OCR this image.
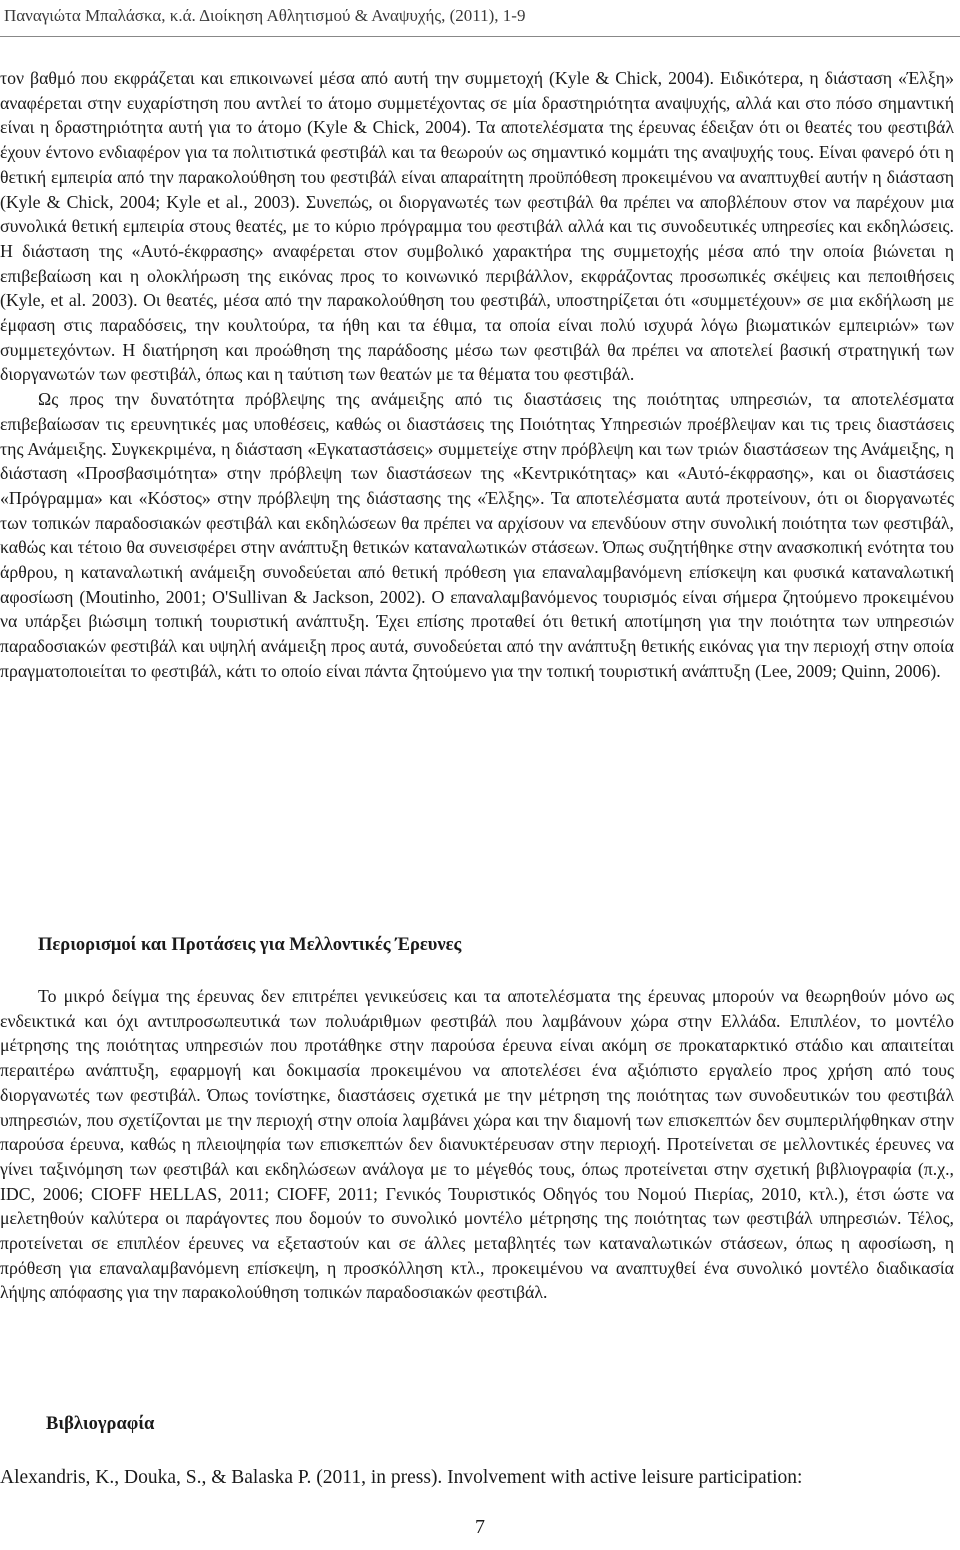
Παναγιώτα Μπαλάσκα, κ.ά. Διοίκηση Αθλητισμού & Αναψυχής, (2011), 1-9

τον βαθμό που εκφράζεται και επικοινωνεί μέσα από αυτή την συμμετοχή (Kyle & Chick, 2004). Ειδικότερα, η διάσταση «Έλξη» αναφέρεται στην ευχαρίστηση που αντλεί το άτομο συμμετέχοντας σε μία δραστηριότητα αναψυχής, αλλά και στο πόσο σημαντική είναι η δραστηριότητα αυτή για το άτομο (Kyle & Chick, 2004). Τα αποτελέσματα της έρευνας έδειξαν ότι οι θεατές του φεστιβάλ έχουν έντονο ενδιαφέρον για τα πολιτιστικά φεστιβάλ και τα θεωρούν ως σημαντικό κομμάτι της αναψυχής τους. Είναι φανερό ότι η θετική εμπειρία από την παρακολούθηση του φεστιβάλ είναι απαραίτητη προϋπόθεση προκειμένου να αναπτυχθεί αυτήν η διάσταση (Kyle & Chick, 2004; Kyle et al., 2003). Συνεπώς, οι διοργανωτές των φεστιβάλ θα πρέπει να αποβλέπουν στον να παρέχουν μια συνολικά θετική εμπειρία στους θεατές, με το κύριο πρόγραμμα του φεστιβάλ αλλά και τις συνοδευτικές υπηρεσίες και εκδηλώσεις. Η διάσταση της «Αυτό-έκφρασης» αναφέρεται στον συμβολικό χαρακτήρα της συμμετοχής μέσα από την οποία βιώνεται η επιβεβαίωση και η ολοκλήρωση της εικόνας προς το κοινωνικό περιβάλλον, εκφράζοντας προσωπικές σκέψεις και πεποιθήσεις (Kyle, et al. 2003). Οι θεατές, μέσα από την παρακολούθηση του φεστιβάλ, υποστηρίζεται ότι «συμμετέχουν» σε μια εκδήλωση με έμφαση στις παραδόσεις, την κουλτούρα, τα ήθη και τα έθιμα, τα οποία είναι πολύ ισχυρά λόγω βιωματικών εμπειριών» των συμμετεχόντων. Η διατήρηση και προώθηση της παράδοσης μέσω των φεστιβάλ θα πρέπει να αποτελεί βασική στρατηγική των διοργανωτών των φεστιβάλ, όπως και η ταύτιση των θεατών με τα θέματα του φεστιβάλ.

Ως προς την δυνατότητα πρόβλεψης της ανάμειξης από τις διαστάσεις της ποιότητας υπηρεσιών, τα αποτελέσματα επιβεβαίωσαν τις ερευνητικές μας υποθέσεις, καθώς οι διαστάσεις της Ποιότητας Υπηρεσιών προέβλεψαν και τις τρεις διαστάσεις της Ανάμειξης. Συγκεκριμένα, η διάσταση «Εγκαταστάσεις» συμμετείχε στην πρόβλεψη και των τριών διαστάσεων της Ανάμειξης, η διάσταση «Προσβασιμότητα» στην πρόβλεψη των διαστάσεων της «Κεντρικότητας» και «Αυτό-έκφρασης», και οι διαστάσεις «Πρόγραμμα» και «Κόστος» στην πρόβλεψη της διάστασης της «Έλξης». Τα αποτελέσματα αυτά προτείνουν, ότι οι διοργανωτές των τοπικών παραδοσιακών φεστιβάλ και εκδηλώσεων θα πρέπει να αρχίσουν να επενδύουν στην συνολική ποιότητα των φεστιβάλ, καθώς και τέτοιο θα συνεισφέρει στην ανάπτυξη θετικών καταναλωτικών στάσεων. Όπως συζητήθηκε στην ανασκοπική ενότητα του άρθρου, η καταναλωτική ανάμειξη συνοδεύεται από θετική πρόθεση για επαναλαμβανόμενη επίσκεψη και φυσικά καταναλωτική αφοσίωση (Moutinho, 2001; O'Sullivan & Jackson, 2002). Ο επαναλαμβανόμενος τουρισμός είναι σήμερα ζητούμενο προκειμένου να υπάρξει βιώσιμη τοπική τουριστική ανάπτυξη. Έχει επίσης προταθεί ότι θετική αποτίμηση για την ποιότητα των υπηρεσιών παραδοσιακών φεστιβάλ και υψηλή ανάμειξη προς αυτά, συνοδεύεται από την ανάπτυξη θετικής εικόνας για την περιοχή στην οποία πραγματοποιείται το φεστιβάλ, κάτι το οποίο είναι πάντα ζητούμενο για την τοπική τουριστική ανάπτυξη (Lee, 2009; Quinn, 2006).

Περιορισμοί και Προτάσεις για Μελλοντικές Έρευνες

Το μικρό δείγμα της έρευνας δεν επιτρέπει γενικεύσεις και τα αποτελέσματα της έρευνας μπορούν να θεωρηθούν μόνο ως ενδεικτικά και όχι αντιπροσωπευτικά των πολυάριθμων φεστιβάλ που λαμβάνουν χώρα στην Ελλάδα. Επιπλέον, το μοντέλο μέτρησης της ποιότητας υπηρεσιών που προτάθηκε στην παρούσα έρευνα είναι ακόμη σε προκαταρκτικό στάδιο και απαιτείται περαιτέρω ανάπτυξη, εφαρμογή και δοκιμασία προκειμένου να αποτελέσει ένα αξιόπιστο εργαλείο προς χρήση από τους διοργανωτές των φεστιβάλ. Όπως τονίστηκε, διαστάσεις σχετικά με την μέτρηση της ποιότητας των συνοδευτικών του φεστιβάλ υπηρεσιών, που σχετίζονται με την περιοχή στην οποία λαμβάνει χώρα και την διαμονή των επισκεπτών δεν συμπεριλήφθηκαν στην παρούσα έρευνα, καθώς η πλειοψηφία των επισκεπτών δεν διανυκτέρευσαν στην περιοχή. Προτείνεται σε μελλοντικές έρευνες να γίνει ταξινόμηση των φεστιβάλ και εκδηλώσεων ανάλογα με το μέγεθός τους, όπως προτείνεται στην σχετική βιβλιογραφία (π.χ., IDC, 2006; CIOFF HELLAS, 2011; CIOFF, 2011; Γενικός Τουριστικός Οδηγός του Νομού Πιερίας, 2010, κτλ.), έτσι ώστε να μελετηθούν καλύτερα οι παράγοντες που δομούν το συνολικό μοντέλο μέτρησης της ποιότητας των φεστιβάλ υπηρεσιών. Τέλος, προτείνεται σε επιπλέον έρευνες να εξεταστούν και σε άλλες μεταβλητές των καταναλωτικών στάσεων, όπως η αφοσίωση, η πρόθεση για επαναλαμβανόμενη επίσκεψη, η προσκόλληση κτλ., προκειμένου να αναπτυχθεί ένα συνολικό μοντέλο διαδικασία λήψης απόφασης για την παρακολούθηση τοπικών παραδοσιακών φεστιβάλ.

Βιβλιογραφία
Alexandris, K., Douka, S., & Balaska P. (2011, in press). Involvement with active leisure participation:
7
